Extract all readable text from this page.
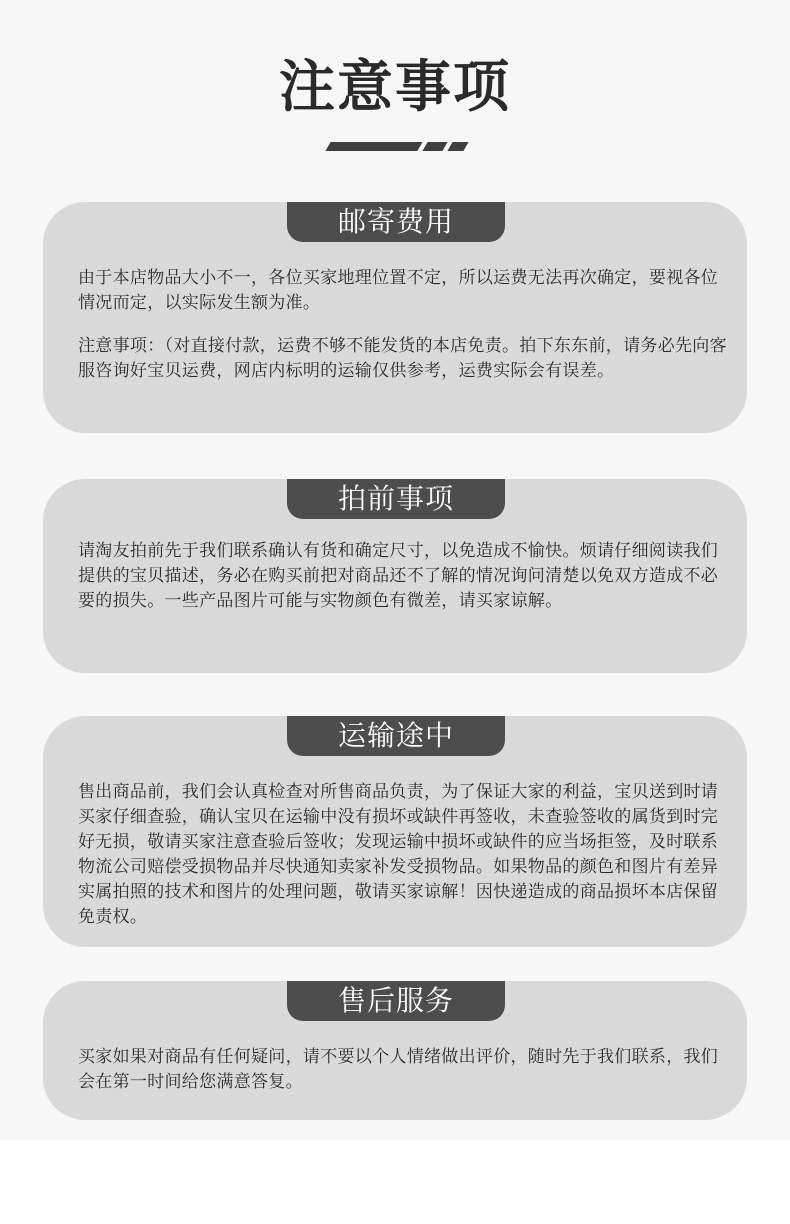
注意事项
邮寄费用

由于本店物品大小不一，各位买家地理位置不定，所以运费无法再次确定，要视各位情况而定，以实际发生额为准。

注意事项：（对直接付款，运费不够不能发货的本店免责。拍下东东前，请务必先向客服咨询好宝贝运费，网店内标明的运输仅供参考，运费实际会有误差。

拍前事项

请淘友拍前先于我们联系确认有货和确定尺寸，以免造成不愉快。烦请仔细阅读我们提供的宝贝描述，务必在购买前把对商品还不了解的情况询问清楚以免双方造成不必要的损失。一些产品图片可能与实物颜色有微差，请买家谅解。

运输途中

售出商品前，我们会认真检查对所售商品负责，为了保证大家的利益，宝贝送到时请买家仔细查验，确认宝贝在运输中没有损坏或缺件再签收，未查验签收的属货到时完好无损，敬请买家注意查验后签收；发现运输中损坏或缺件的应当场拒签，及时联系物流公司赔偿受损物品并尽快通知卖家补发受损物品。如果物品的颜色和图片有差异实属拍照的技术和图片的处理问题，敬请买家谅解！因快递造成的商品损坏本店保留免责权。

售后服务

买家如果对商品有任何疑问，请不要以个人情绪做出评价，随时先于我们联系，我们会在第一时间给您满意答复。
